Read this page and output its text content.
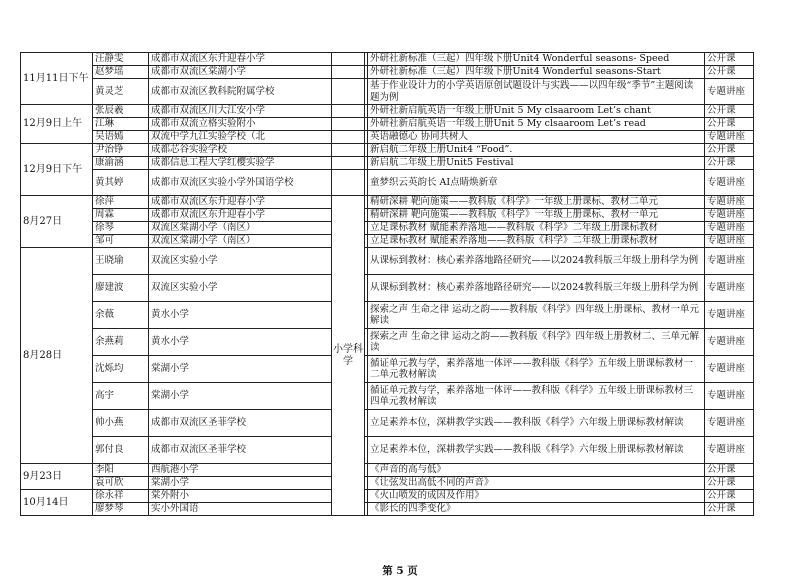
11月11日下午	汪静雯	成都市双流区东升迎春小学			外研社新标准（三起）四年级下册Unit4 Wonderful seasons- Speed	公开课
	赵梦瑶	成都市双流区棠湖小学			外研社新标准（三起）四年级下册Unit4 Wonderful seasons-Start	公开课
	黄灵芝	成都市双流区教科院附属学校			基于作业设计力的小学英语原创试题设计与实践——以四年级“季节”主题阅读题为例	专题讲座
12月9日上午	张辰羲	成都市双流区川大江安小学			外研社新启航英语一年级上册Unit 5 My clsaaroom Let’s chant	公开课
	江琳	成都市双流立格实验附小			外研社新启航英语一年级上册Unit 5 My clsaaroom Let’s read	公开课
	吴语嫣	双流中学九江实验学校（北			英语融德心 协同共树人	专题讲座
12月9日下午	尹治铮	成都芯谷实验学校			新启航二年级上册Unit4 “Food”.	公开课
	康渝涵	成都信息工程大学红樱实验学			新启航二年级上册Unit5 Festival	公开课
	黄其婷	成都市双流区实验小学外国语学校			童梦织云英韵长 AI点睛焕新章	专题讲座
8月27日	徐萍	成都市双流区东升迎春小学	小学科学		精研深耕 靶向施策——教科版《科学》一年级上册课标、教材二单元	专题讲座
	周霖	成都市双流区东升迎春小学			精研深耕 靶向施策——教科版《科学》一年级上册课标、教材一单元	专题讲座
	徐琴	双流区棠湖小学（南区）			立足课标教材 赋能素养落地——教科版《科学》二年级上册课标教材	专题讲座
	邹可	双流区棠湖小学（南区）			立足课标教材 赋能素养落地——教科版《科学》二年级上册课标教材	专题讲座
8月28日	王晓瑜	双流区实验小学			从课标到教材：核心素养落地路径研究——以2024教科版三年级上册科学为例	专题讲座
	廖建波	双流区实验小学			从课标到教材：核心素养落地路径研究——以2024教科版三年级上册科学为例	专题讲座
	余薇	黄水小学			探索之声 生命之律 运动之韵——教科版《科学》四年级上册课标、教材一单元解读	专题讲座
	余燕莉	黄水小学			探索之声 生命之律 运动之韵——教科版《科学》四年级上册教材二、三单元解读	专题讲座
	沈烁均	棠湖小学			循证单元教与学，素养落地一体评——教科版《科学》五年级上册课标教材一二单元教材解读	专题讲座
	高宇	棠湖小学			循证单元教与学，素养落地一体评——教科版《科学》五年级上册课标教材三四单元教材解读	专题讲座
	帅小燕	成都市双流区圣菲学校			立足素养本位，深耕教学实践——教科版《科学》六年级上册课标教材解读	专题讲座
	郭付良	成都市双流区圣菲学校			立足素养本位，深耕教学实践——教科版《科学》六年级上册课标教材解读	专题讲座
9月23日	李阳	西航港小学			《声音的高与低》	公开课
	袁可欣	棠湖小学			《让弦发出高低不同的声音》	公开课
10月14日	徐永祥	棠外附小			《火山喷发的成因及作用》	公开课
	廖梦琴	实小外国语			《影长的四季变化》	公开课
第 5 页
